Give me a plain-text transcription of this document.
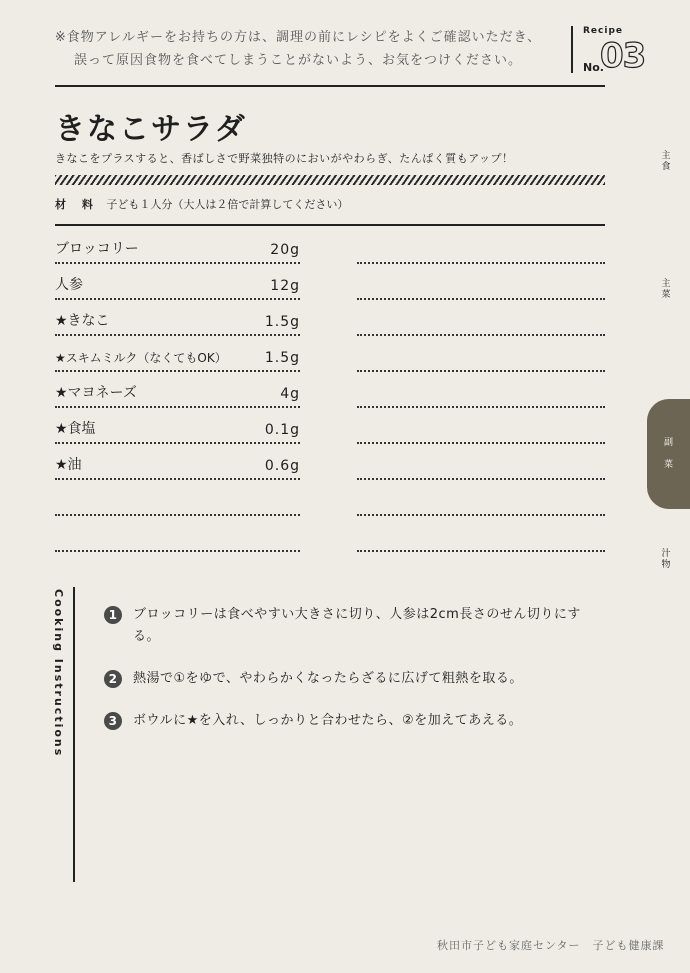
※食物アレルギーをお持ちの方は、調理の前にレシピをよくご確認いただき、
誤って原因食物を食べてしまうことがないよう、お気をつけください。
Recipe
No.
03
きなこサラダ
きなこをプラスすると、香ばしさで野菜独特のにおいがやわらぎ、たんぱく質もアップ！
材 料 子ども１人分（大人は２倍で計算してください）
ブロッコリー	20g
人参	12g
★きなこ	1.5g
★スキムミルク（なくてもOK）	1.5g
★マヨネーズ	4g
★食塩	0.1g
★油	0.6g
主
食
主
菜
副

菜
汁
物
Cooking Instructions	1	ブロッコリーは食べやすい大きさに切り、人参は2cm長さのせん切りにする。
2	熱湯で①をゆで、やわらかくなったらざるに広げて粗熱を取る。
3	ボウルに★を入れ、しっかりと合わせたら、②を加えてあえる。
秋田市子ども家庭センター　子ども健康課
